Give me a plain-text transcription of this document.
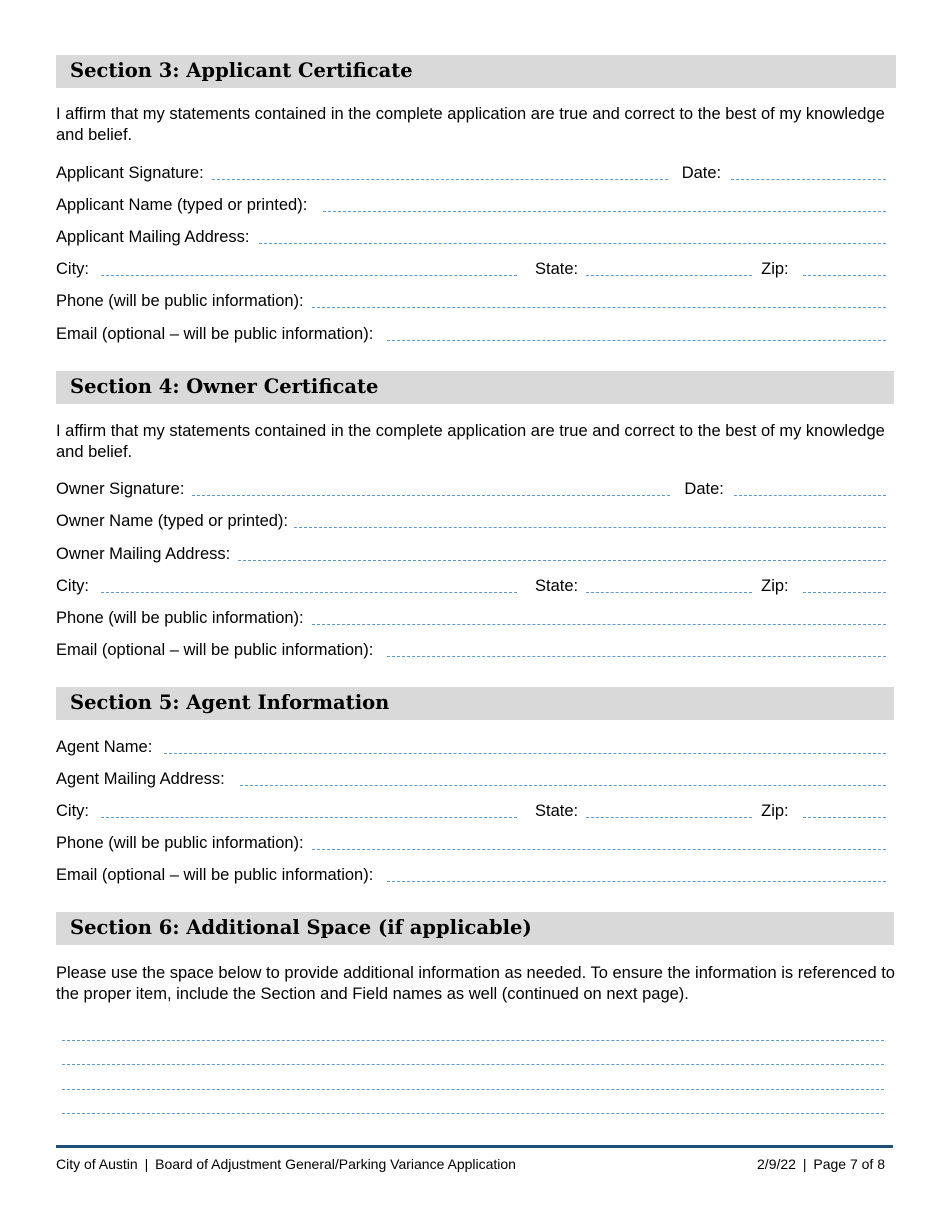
Section 3: Applicant Certificate

I affirm that my statements contained in the complete application are true and correct to the best of my knowledge and belief.

Applicant Signature:	Date:
Applicant Name (typed or printed):
Applicant Mailing Address:
City:	State:	Zip:
Phone (will be public information):
Email (optional – will be public information):
Section 4: Owner Certificate

I affirm that my statements contained in the complete application are true and correct to the best of my knowledge and belief.

Owner Signature:	Date:
Owner Name (typed or printed):
Owner Mailing Address:
City:	State:	Zip:
Phone (will be public information):
Email (optional – will be public information):
Section 5: Agent Information
Agent Name:
Agent Mailing Address:
City:	State:	Zip:
Phone (will be public information):
Email (optional – will be public information):
Section 6: Additional Space (if applicable)

Please use the space below to provide additional information as needed. To ensure the information is referenced to the proper item, include the Section and Field names as well (continued on next page).

City of Austin | Board of Adjustment General/Parking Variance Application	2/9/22 | Page 7 of 8
